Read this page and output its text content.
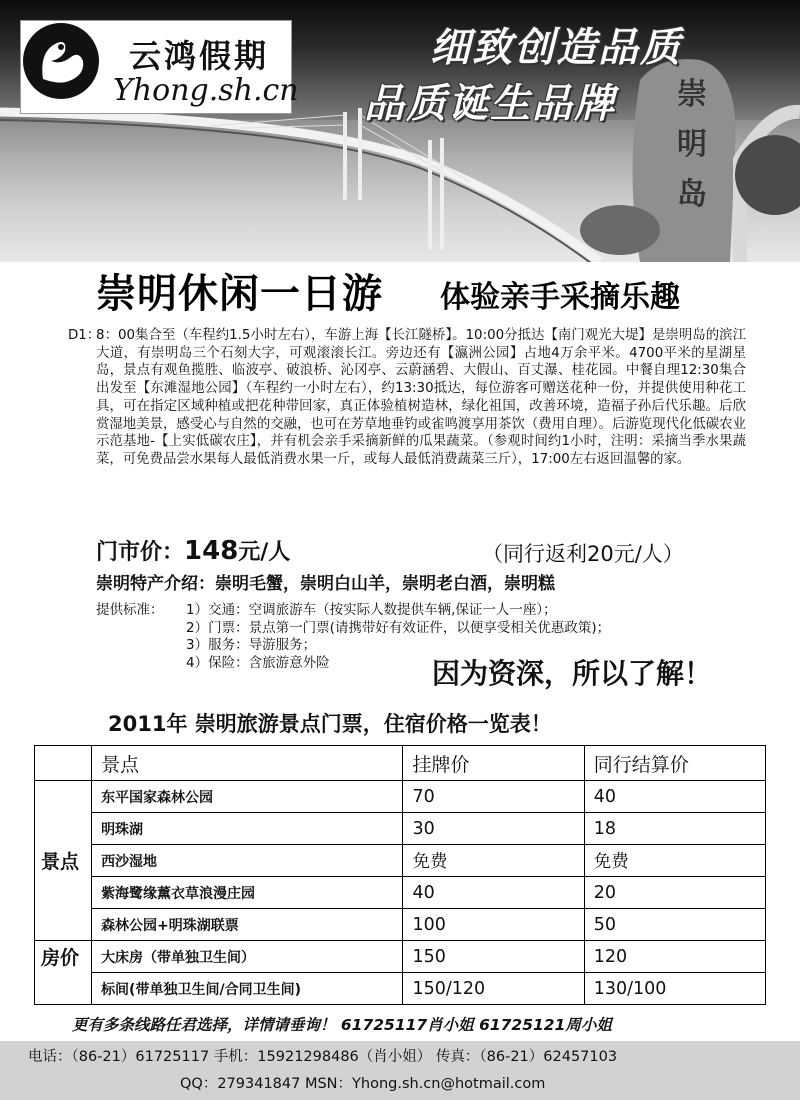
云鸿假期
Yhong.sh.cn
细致创造品质
品质诞生品牌 崇明岛
崇明休闲一日游 体验亲手采摘乐趣
D1：
8：00集合至（车程约1.5小时左右），车游上海【长江隧桥】。10:00分抵达【南门观光大堤】是崇明岛的滨江大道，有崇明岛三个石刻大字，可观滚滚长江。旁边还有【瀛洲公园】占地4万余平米。4700平米的星湖星岛，景点有观鱼揽胜、临波亭、破浪桥、沁冈亭、云蔚涵碧、大假山、百丈瀑、桂花园。中餐自理12:30集合出发至【东滩湿地公园】（车程约一小时左右），约13:30抵达，每位游客可赠送花种一份，并提供使用种花工具，可在指定区域种植或把花种带回家，真正体验植树造林，绿化祖国，改善环境，造福子孙后代乐趣。后欣赏湿地美景，感受心与自然的交融，也可在芳草地垂钓或雀鸣渡享用茶饮（费用自理）。后游览现代化低碳农业示范基地-【上实低碳农庄】，并有机会亲手采摘新鲜的瓜果蔬菜。（参观时间约1小时，注明：采摘当季水果蔬菜，可免费品尝水果每人最低消费水果一斤，或每人最低消费蔬菜三斤），17:00左右返回温馨的家。
门市价：148元/人	（同行返利20元/人）
崇明特产介绍：崇明毛蟹，崇明白山羊，崇明老白酒，崇明糕
提供标准： 1）交通：空调旅游车（按实际人数提供车辆,保证一人一座）；
2）门票：景点第一门票(请携带好有效证件，以便享受相关优惠政策)；
3）服务：导游服务；
4）保险：含旅游意外险	因为资深，所以了解！
2011年 崇明旅游景点门票，住宿价格一览表！
	景点	挂牌价	同行结算价
景点	东平国家森林公园	70	40
	明珠湖	30	18
	西沙湿地	免费	免费
	紫海鹭缘薰衣草浪漫庄园	40	20
	森林公园+明珠湖联票	100	50
房价	大床房（带单独卫生间）	150	120
	标间(带单独卫生间/合同卫生间)	150/120	130/100
更有多条线路任君选择，详情请垂询！ 61725117肖小姐 61725121周小姐
电话：（86-21）61725117 手机：15921298486（肖小姐） 传真：（86-21）62457103
QQ：279341847 MSN：Yhong.sh.cn@hotmail.com
